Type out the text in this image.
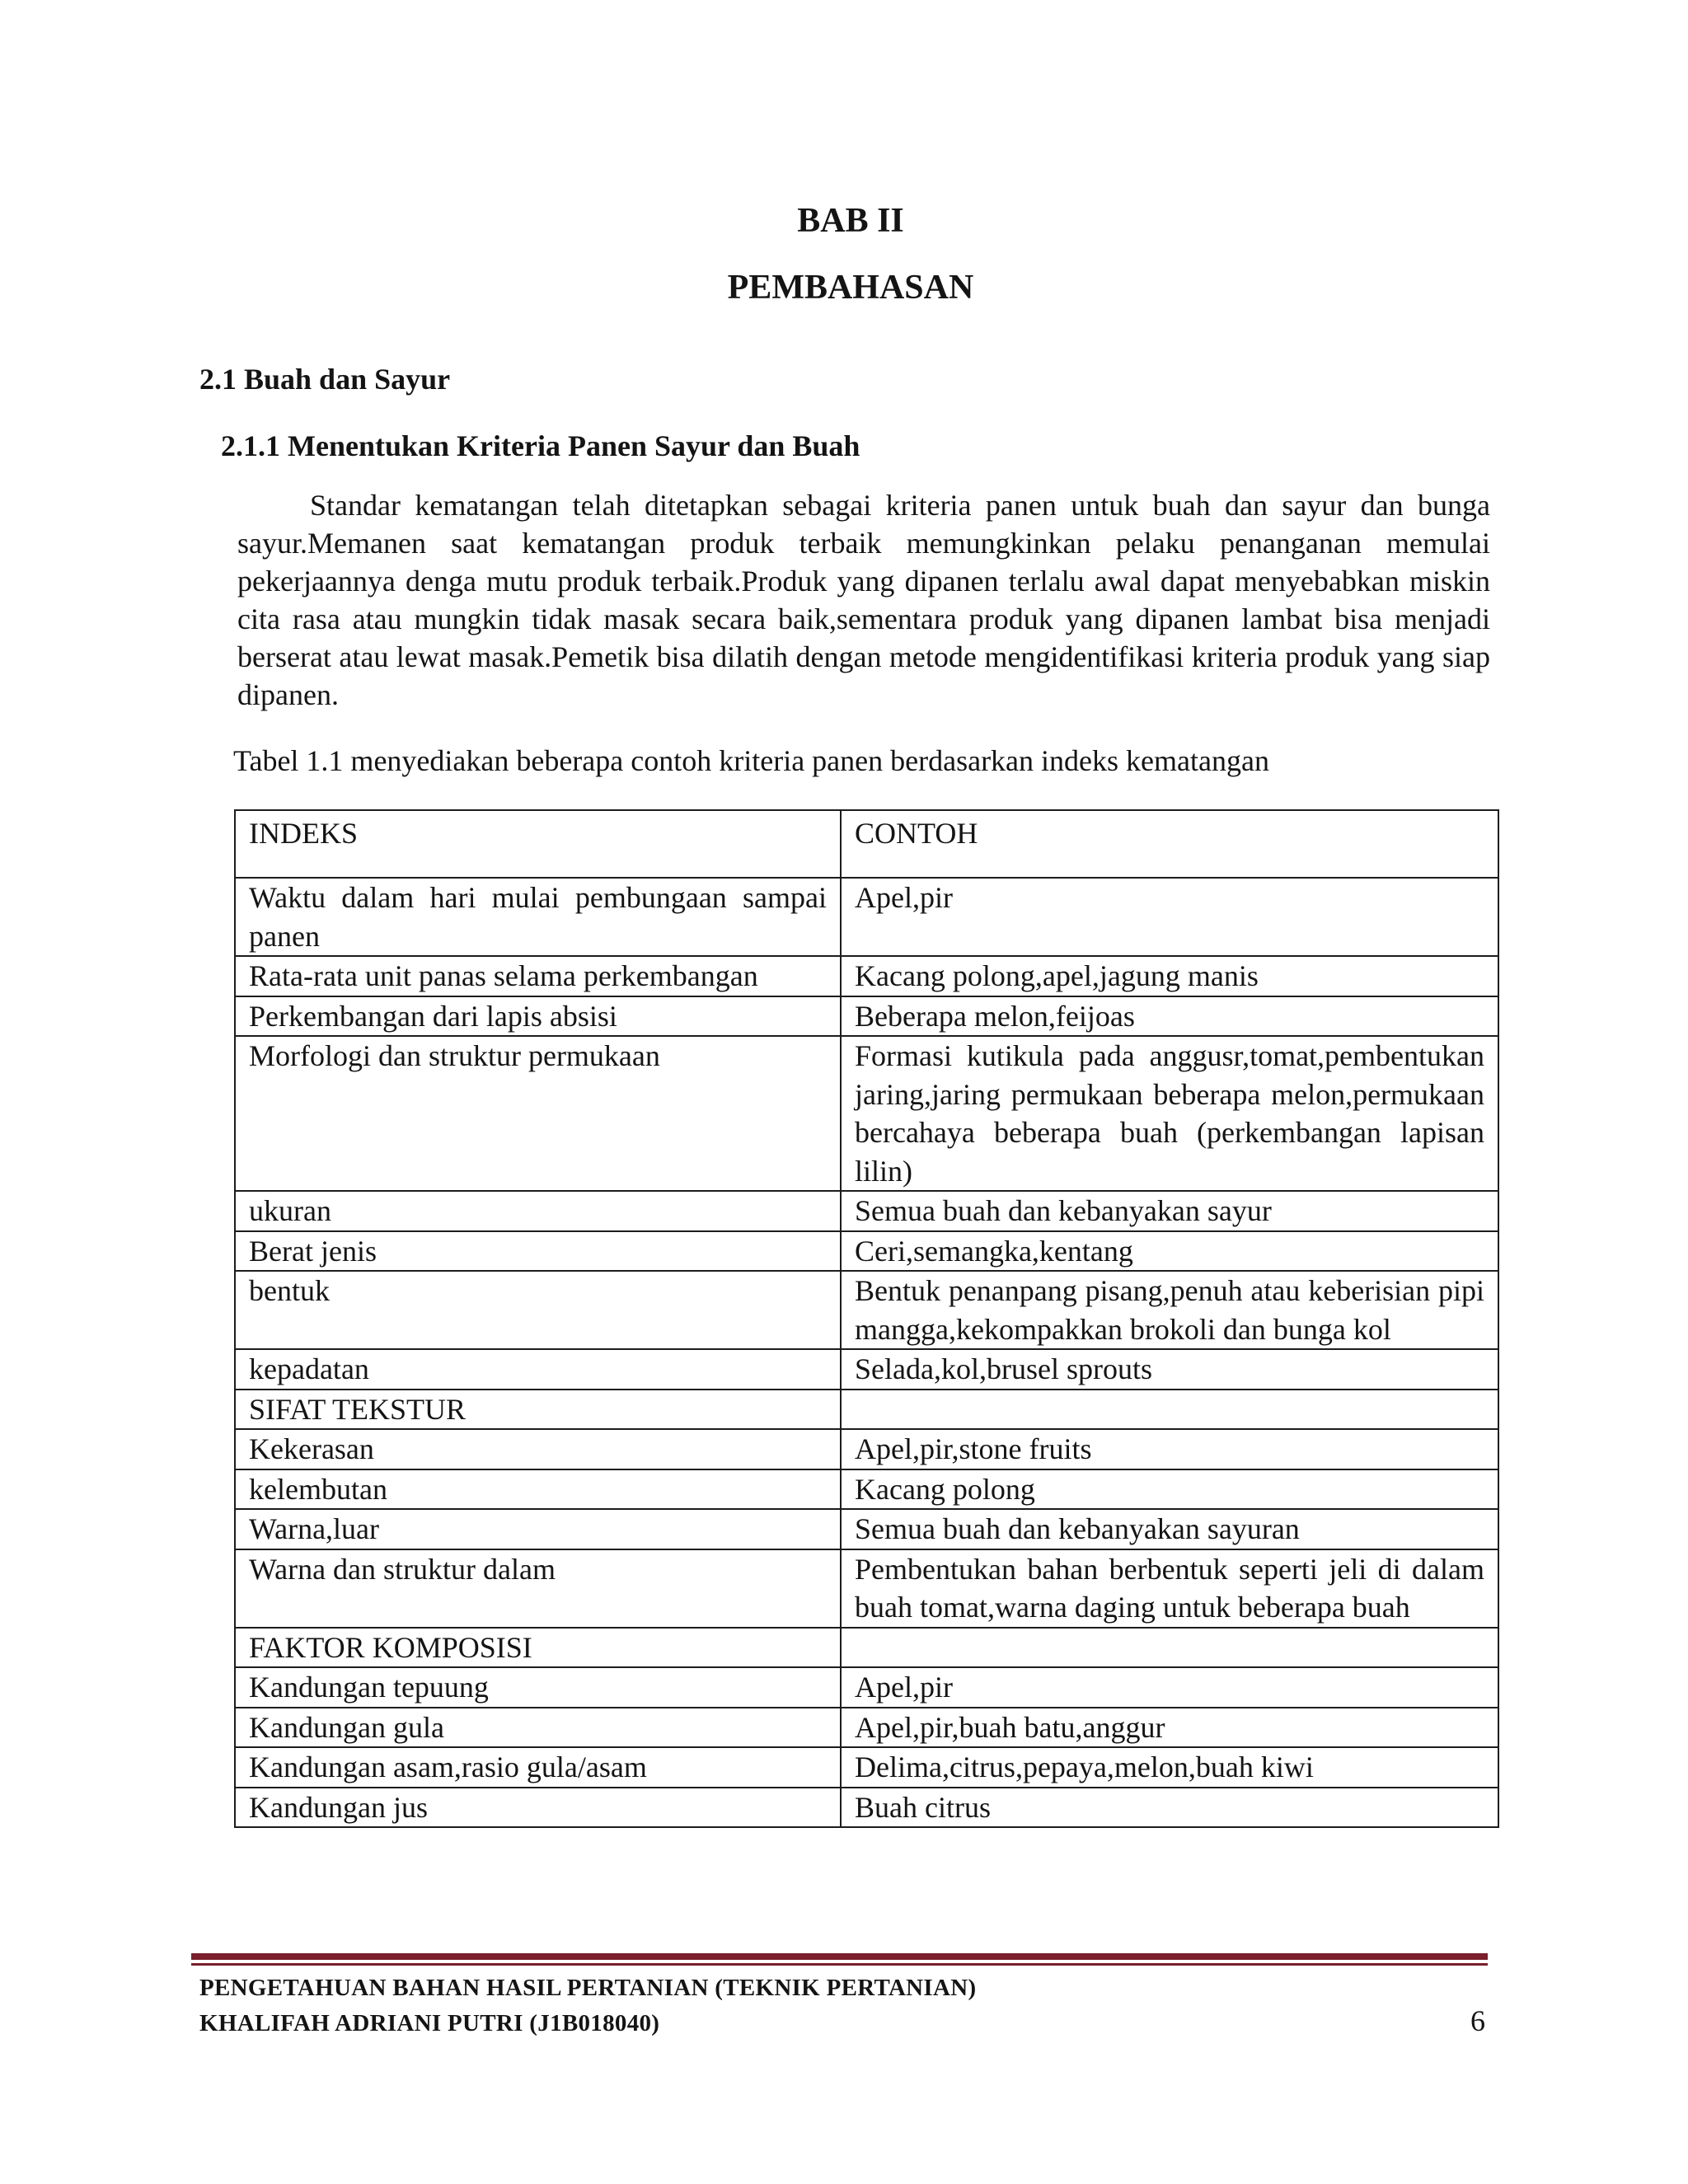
BAB II
PEMBAHASAN
2.1 Buah dan Sayur
2.1.1 Menentukan Kriteria Panen Sayur dan Buah

Standar kematangan telah ditetapkan sebagai kriteria panen untuk buah dan sayur dan bunga sayur.Memanen saat kematangan produk terbaik memungkinkan pelaku penanganan memulai pekerjaannya denga mutu produk terbaik.Produk yang dipanen terlalu awal dapat menyebabkan miskin cita rasa atau mungkin tidak masak secara baik,sementara produk yang dipanen lambat bisa menjadi berserat atau lewat masak.Pemetik bisa dilatih dengan metode mengidentifikasi kriteria produk yang siap dipanen.

Tabel 1.1 menyediakan beberapa contoh kriteria panen berdasarkan indeks kematangan

INDEKS	CONTOH
Waktu dalam hari mulai pembungaan sampai panen	Apel,pir
Rata-rata unit panas selama perkembangan	Kacang polong,apel,jagung manis
Perkembangan dari lapis absisi	Beberapa melon,feijoas
Morfologi dan struktur permukaan	Formasi kutikula pada anggusr,tomat,pembentukan jaring,jaring permukaan beberapa melon,permukaan bercahaya beberapa buah (perkembangan lapisan lilin)
ukuran	Semua buah dan kebanyakan sayur
Berat jenis	Ceri,semangka,kentang
bentuk	Bentuk penanpang pisang,penuh atau keberisian pipi mangga,kekompakkan brokoli dan bunga kol
kepadatan	Selada,kol,brusel sprouts
SIFAT TEKSTUR	
Kekerasan	Apel,pir,stone fruits
kelembutan	Kacang polong
Warna,luar	Semua buah dan kebanyakan sayuran
Warna dan struktur dalam	Pembentukan bahan berbentuk seperti jeli di dalam buah tomat,warna daging untuk beberapa buah
FAKTOR KOMPOSISI	
Kandungan tepuung	Apel,pir
Kandungan gula	Apel,pir,buah batu,anggur
Kandungan asam,rasio gula/asam	Delima,citrus,pepaya,melon,buah kiwi
Kandungan jus	Buah citrus

PENGETAHUAN BAHAN HASIL PERTANIAN (TEKNIK PERTANIAN)

KHALIFAH ADRIANI PUTRI (J1B018040)	6
